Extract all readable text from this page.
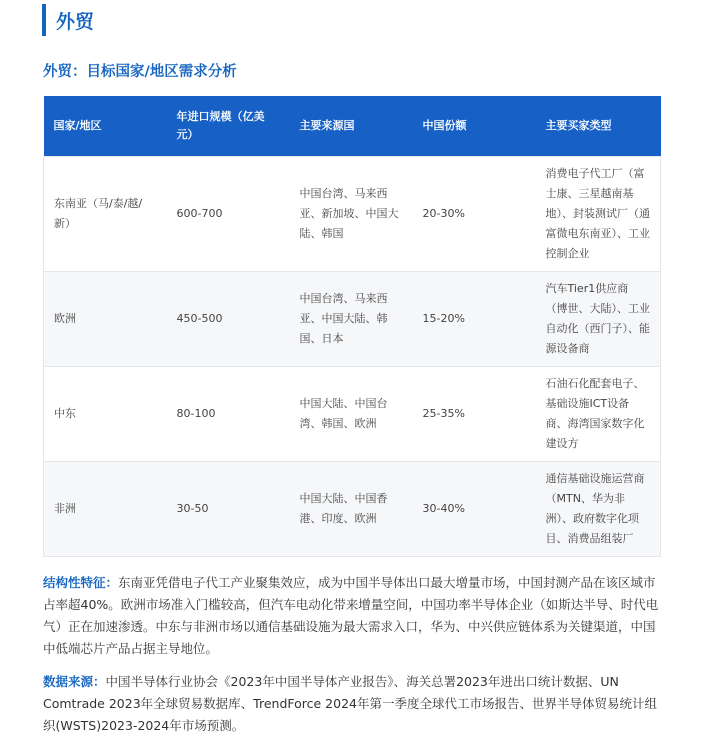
外贸
外贸：目标国家/地区需求分析
国家/地区	年进口规模（亿美元）	主要来源国	中国份额	主要买家类型
东南亚（马/泰/越/新）	600-700	中国台湾、马来西亚、新加坡、中国大陆、韩国	20-30%	消费电子代工厂（富士康、三星越南基地）、封装测试厂（通富微电东南亚）、工业控制企业
欧洲	450-500	中国台湾、马来西亚、中国大陆、韩国、日本	15-20%	汽车Tier1供应商（博世、大陆）、工业自动化（西门子）、能源设备商
中东	80-100	中国大陆、中国台湾、韩国、欧洲	25-35%	石油石化配套电子、基础设施ICT设备商、海湾国家数字化建设方
非洲	30-50	中国大陆、中国香港、印度、欧洲	30-40%	通信基础设施运营商（MTN、华为非洲）、政府数字化项目、消费品组装厂

结构性特征：东南亚凭借电子代工产业聚集效应，成为中国半导体出口最大增量市场，中国封测产品在该区域市占率超40%。欧洲市场准入门槛较高，但汽车电动化带来增量空间，中国功率半导体企业（如斯达半导、时代电气）正在加速渗透。中东与非洲市场以通信基础设施为最大需求入口，华为、中兴供应链体系为关键渠道，中国中低端芯片产品占据主导地位。

数据来源：中国半导体行业协会《2023年中国半导体产业报告》、海关总署2023年进出口统计数据、UN Comtrade 2023年全球贸易数据库、TrendForce 2024年第一季度全球代工市场报告、世界半导体贸易统计组织(WSTS)2023-2024年市场预测。
